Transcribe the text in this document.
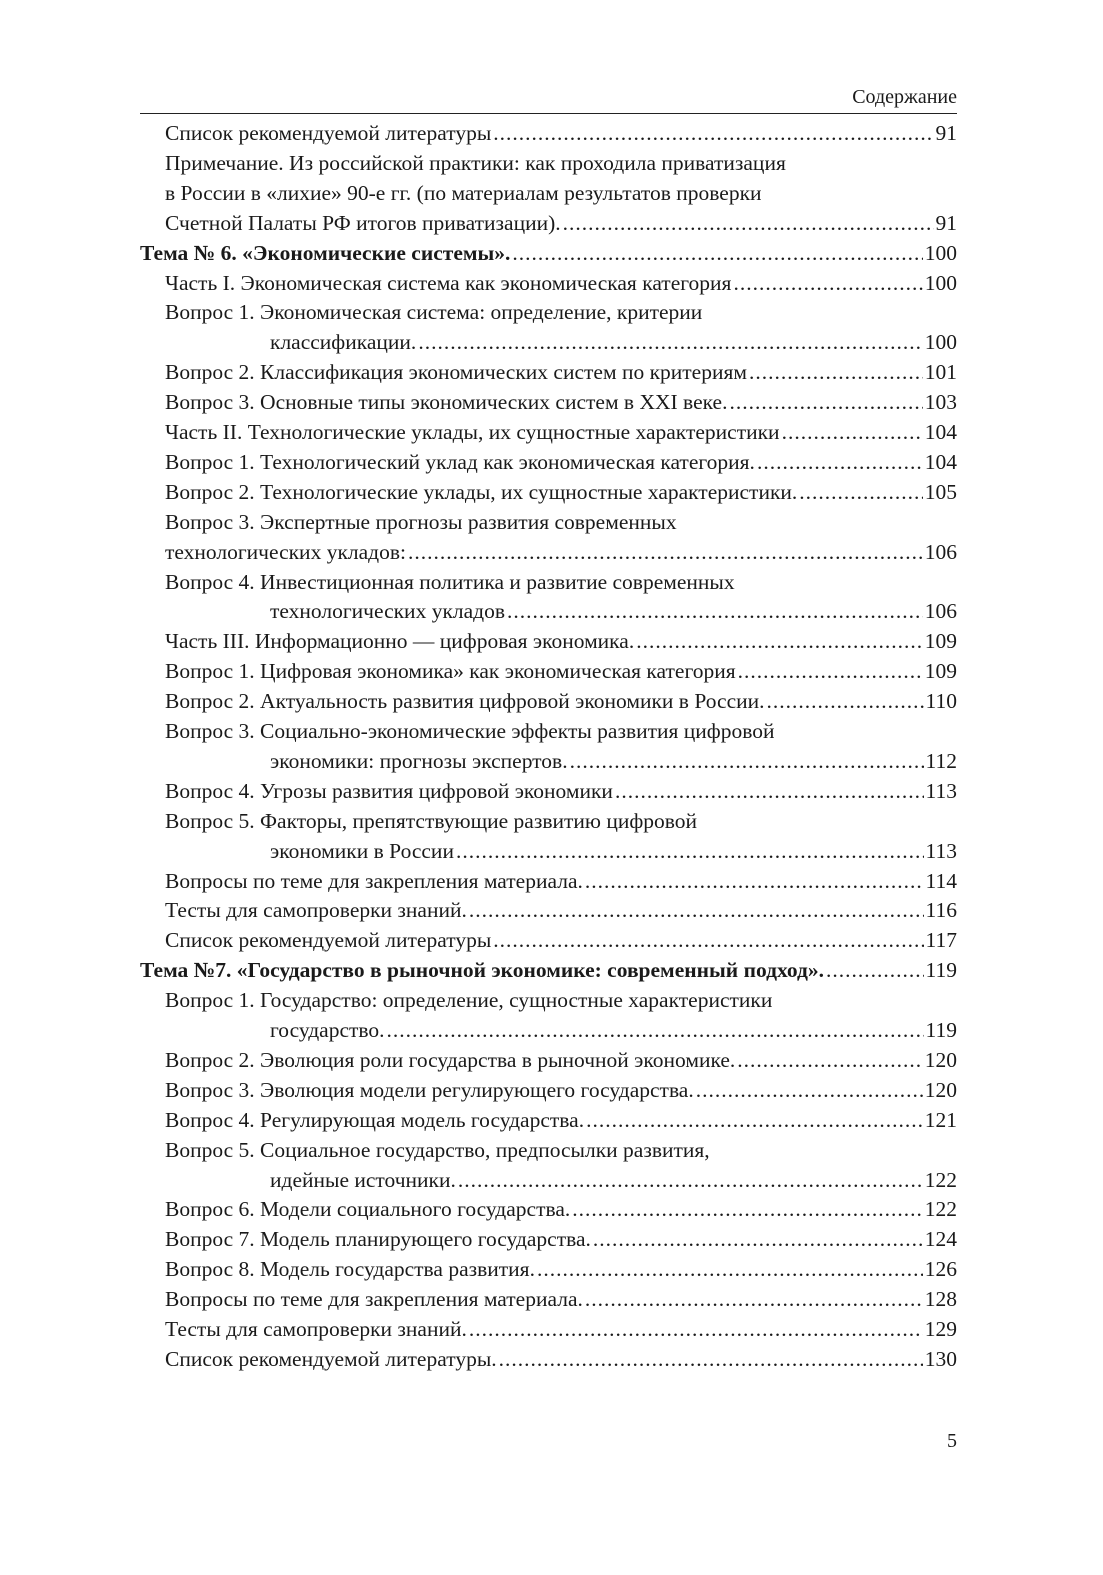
Содержание
Список рекомендуемой литературы .....	91
Примечание. Из российской практики: как проходила приватизация
в России в «лихие» 90-е гг. (по материалам результатов проверки
Счетной Палаты РФ итогов приватизации). .....	91
Тема № 6. «Экономические системы». .....	100
Часть I. Экономическая система как экономическая категория .....	100
Вопрос 1. Экономическая система: определение, критерии
классификации. .....	100
Вопрос 2. Классификация экономических систем по критериям .....	101
Вопрос 3. Основные типы экономических систем в XXI веке. .....	103
Часть II. Технологические уклады, их сущностные характеристики .....	104
Вопрос 1. Технологический уклад как экономическая категория. .....	104
Вопрос 2. Технологические уклады, их сущностные характеристики. .....	105
Вопрос 3. Экспертные прогнозы развития современных
технологических укладов: .....	106
Вопрос 4. Инвестиционная политика и развитие современных
технологических укладов .....	106
Часть III. Информационно — цифровая экономика. .....	109
Вопрос 1. Цифровая экономика» как экономическая категория .....	109
Вопрос 2. Актуальность развития цифровой экономики в России. .....	110
Вопрос 3. Социально-экономические эффекты развития цифровой
экономики: прогнозы экспертов. .....	112
Вопрос 4. Угрозы развития цифровой экономики .....	113
Вопрос 5. Факторы, препятствующие развитию цифровой
экономики в России .....	113
Вопросы по теме для закрепления материала. .....	114
Тесты для самопроверки знаний. .....	116
Список рекомендуемой литературы .....	117
Тема №7. «Государство в рыночной экономике: современный подход». .....	119
Вопрос 1. Государство: определение, сущностные характеристики
государство. .....	119
Вопрос 2. Эволюция роли государства в рыночной экономике. .....	120
Вопрос 3. Эволюция модели регулирующего государства. .....	120
Вопрос 4. Регулирующая модель государства. .....	121
Вопрос 5. Социальное государство, предпосылки развития,
идейные источники. .....	122
Вопрос 6. Модели социального государства. .....	122
Вопрос 7. Модель планирующего государства. .....	124
Вопрос 8. Модель государства развития. .....	126
Вопросы по теме для закрепления материала. .....	128
Тесты для самопроверки знаний. .....	129
Список рекомендуемой литературы. .....	130
5
